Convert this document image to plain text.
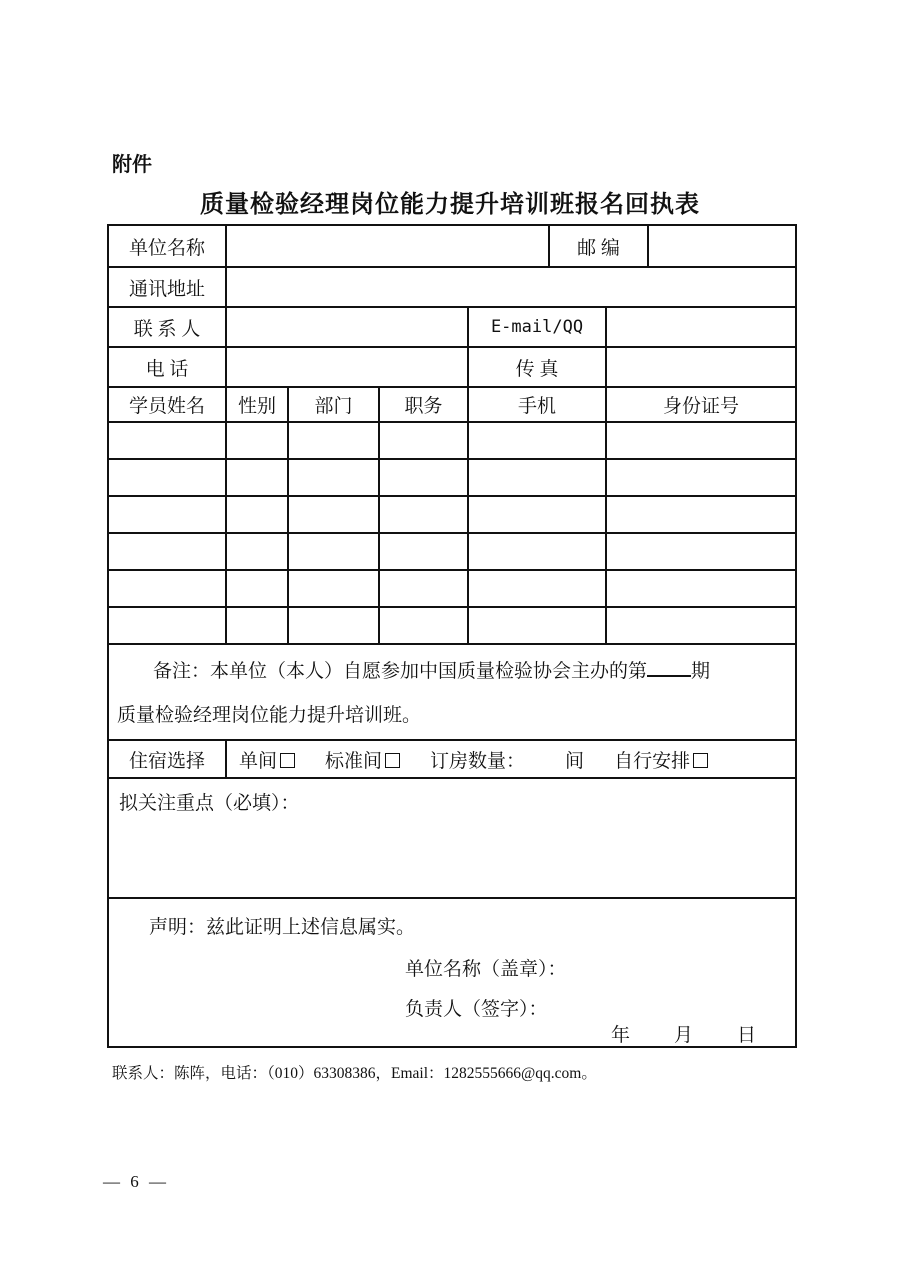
附件
质量检验经理岗位能力提升培训班报名回执表
单位名称	邮 编
通讯地址
联 系 人	E-mail/QQ
电 话	传 真
学员姓名	性别	部门	职务	手机	身份证号
备注：本单位（本人）自愿参加中国质量检验协会主办的第 期
质量检验经理岗位能力提升培训班。
住宿选择	单间	标准间	订房数量： 间 自行安排
拟关注重点（必填）：
声明：兹此证明上述信息属实。
单位名称（盖章）：
负责人（签字）：
年　　月　　日
联系人：陈阵，电话：（010）63308386，Email：1282555666@qq.com。
— 6 —
